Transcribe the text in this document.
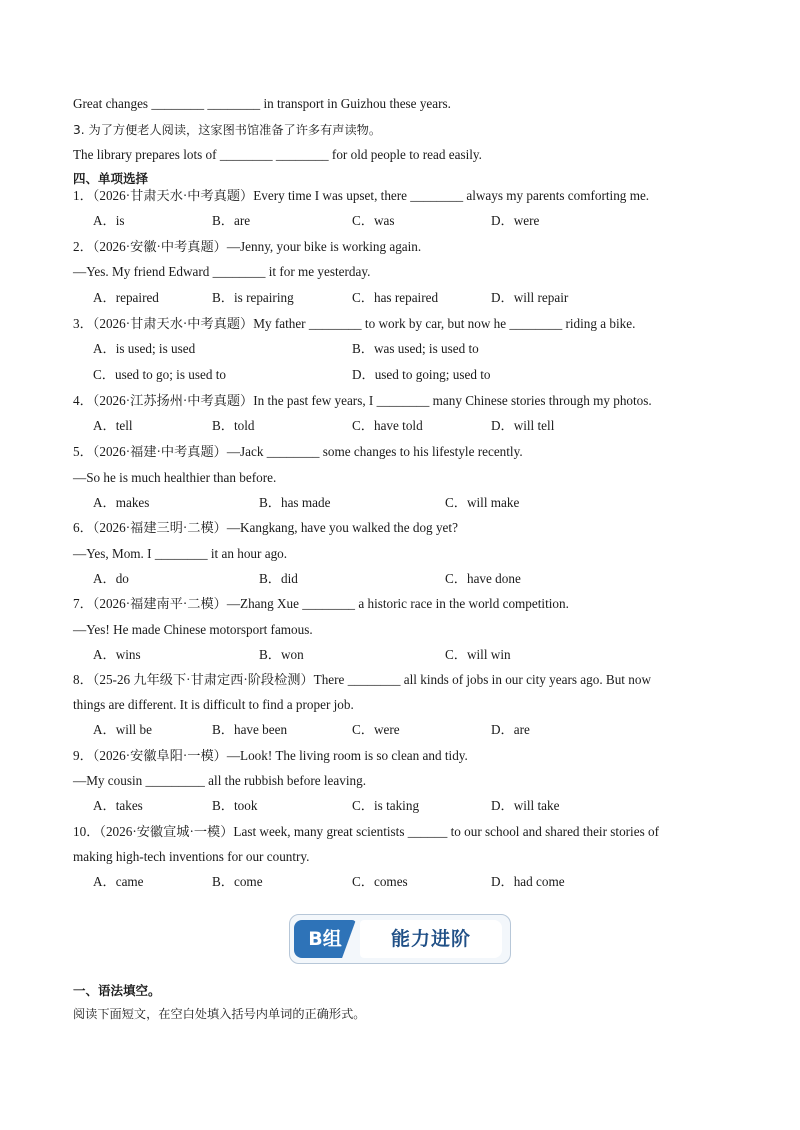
Great changes ________ ________ in transport in Guizhou these years.
3. 为了方便老人阅读，这家图书馆准备了许多有声读物。
The library prepares lots of ________ ________ for old people to read easily.
四、单项选择
1．（2026·甘肃天水·中考真题）Every time I was upset, there ________ always my parents comforting me.
A．is	B．are	C．was	D．were
2．（2026·安徽·中考真题）—Jenny, your bike is working again.
—Yes. My friend Edward ________ it for me yesterday.
A．repaired	B．is repairing	C．has repaired	D．will repair
3．（2026·甘肃天水·中考真题）My father ________ to work by car, but now he ________ riding a bike.
A．is used; is used	B．was used; is used to
C．used to go; is used to	D．used to going; used to
4．（2026·江苏扬州·中考真题）In the past few years, I ________ many Chinese stories through my photos.
A．tell	B．told	C．have told	D．will tell
5．（2026·福建·中考真题）—Jack ________ some changes to his lifestyle recently.
—So he is much healthier than before.
A．makes	B．has made	C．will make
6．（2026·福建三明·二模）—Kangkang, have you walked the dog yet?
—Yes, Mom. I ________ it an hour ago.
A．do	B．did	C．have done
7．（2026·福建南平·二模）—Zhang Xue ________ a historic race in the world competition.
—Yes! He made Chinese motorsport famous.
A．wins	B．won	C．will win
8．（25-26 九年级下·甘肃定西·阶段检测）There ________ all kinds of jobs in our city years ago. But now
things are different. It is difficult to find a proper job.
A．will be	B．have been	C．were	D．are
9．（2026·安徽阜阳·一模）—Look! The living room is so clean and tidy.
—My cousin _________ all the rubbish before leaving.
A．takes	B．took	C．is taking	D．will take
10．（2026·安徽宣城·一模）Last week, many great scientists ______ to our school and shared their stories of
making high-tech inventions for our country.
A．came	B．come	C．comes	D．had come
B组	能力进阶
一、语法填空。
阅读下面短文，在空白处填入括号内单词的正确形式。
